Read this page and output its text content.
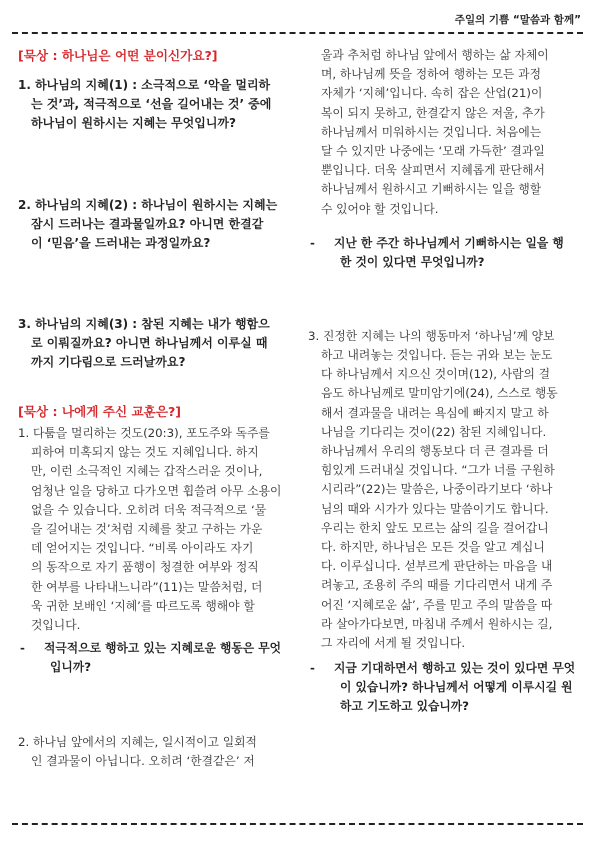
주일의 기쁨 “말씀과 함께”

[묵상 : 하나님은 어떤 분이신가요?]

1. 하나님의 지혜(1) : 소극적으로 ‘악을 멀리하

는 것’과, 적극적으로 ‘선을 길어내는 것’ 중에

하나님이 원하시는 지혜는 무엇입니까?

2. 하나님의 지혜(2) : 하나님이 원하시는 지혜는

잠시 드러나는 결과물일까요? 아니면 한결같

이 ‘믿음’을 드러내는 과정일까요?

3. 하나님의 지혜(3) : 참된 지혜는 내가 행함으

로 이뤄질까요? 아니면 하나님께서 이루실 때

까지 기다림으로 드러날까요?

[묵상 : 나에게 주신 교훈은?]

1. 다툼을 멀리하는 것도(20:3), 포도주와 독주를

피하여 미혹되지 않는 것도 지혜입니다. 하지

만, 이런 소극적인 지혜는 갑작스러운 것이나,

엄청난 일을 당하고 다가오면 휩쓸려 아무 소용이

없을 수 있습니다. 오히려 더욱 적극적으로 ‘물

을 길어내는 것’처럼 지혜를 찾고 구하는 가운

데 얻어지는 것입니다. “비록 아이라도 자기

의 동작으로 자기 품행이 청결한 여부와 정직

한 여부를 나타내느니라”(11)는 말씀처럼, 더

욱 귀한 보배인 ‘지혜’를 따르도록 행해야 할

것입니다.

-	적극적으로 행하고 있는 지혜로운 행동은 무엇

입니까?

2. 하나님 앞에서의 지혜는, 일시적이고 일회적

인 결과물이 아닙니다. 오히려 ‘한결같은’ 저

울과 추처럼 하나님 앞에서 행하는 삶 자체이

며, 하나님께 뜻을 정하여 행하는 모든 과정

자체가 ‘지혜’입니다. 속히 잡은 산업(21)이

복이 되지 못하고, 한결같지 않은 저울, 추가

하나님께서 미워하시는 것입니다. 처음에는

달 수 있지만 나중에는 ‘모래 가득한’ 결과일

뿐입니다. 더욱 살피면서 지혜롭게 판단해서

하나님께서 원하시고 기뻐하시는 일을 행할

수 있어야 할 것입니다.

-	지난 한 주간 하나님께서 기뻐하시는 일을 행

한 것이 있다면 무엇입니까?

3. 진정한 지혜는 나의 행동마저 ‘하나님’께 양보

하고 내려놓는 것입니다. 듣는 귀와 보는 눈도

다 하나님께서 지으신 것이며(12), 사람의 걸

음도 하나님께로 말미암기에(24), 스스로 행동

해서 결과물을 내려는 욕심에 빠지지 말고 하

나님을 기다리는 것이(22) 참된 지혜입니다.

하나님께서 우리의 행동보다 더 큰 결과를 더

힘있게 드러내실 것입니다. “그가 너를 구원하

시리라”(22)는 말씀은, 나중이라기보다 ‘하나

님의 때와 시가가 있다는 말씀이기도 합니다.

우리는 한치 앞도 모르는 삶의 길을 걸어갑니

다. 하지만, 하나님은 모든 것을 알고 계십니

다. 이루십니다. 섣부르게 판단하는 마음을 내

려놓고, 조용히 주의 때를 기다리면서 내게 주

어진 ‘지혜로운 삶’, 주를 믿고 주의 말씀을 따

라 살아가다보면, 마침내 주께서 원하시는 길,

그 자리에 서게 될 것입니다.

-	지금 기대하면서 행하고 있는 것이 있다면 무엇

이 있습니까? 하나님께서 어떻게 이루시길 원

하고 기도하고 있습니까?
